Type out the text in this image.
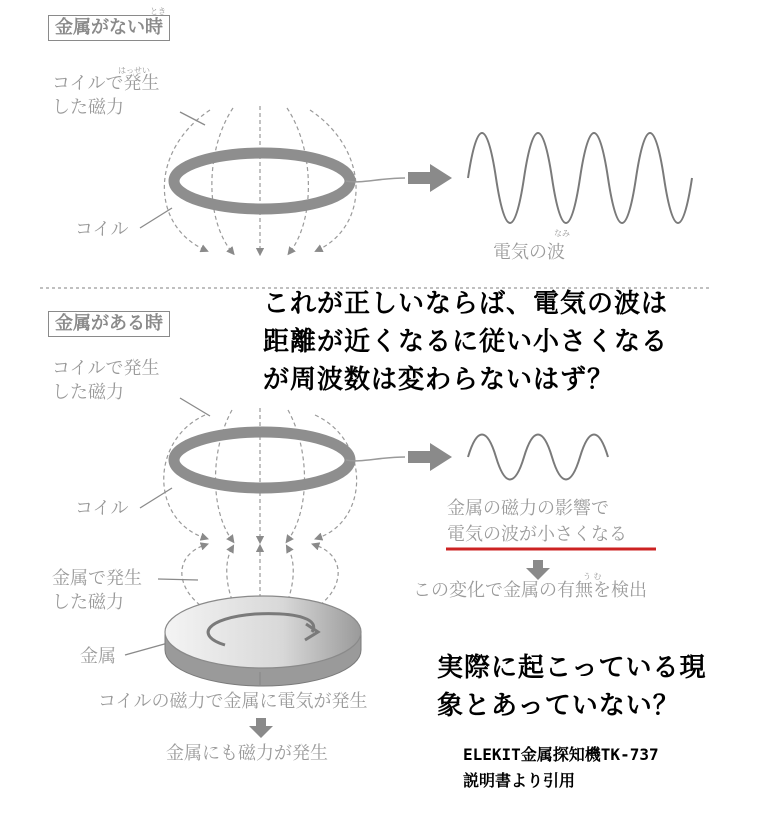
金属がない時
とき
はっせい
コイルで発生
した磁力
コイル	なみ
電気の波
金属がある時
コイルで発生
した磁力
コイル	金属の磁力の影響で
電気の波が小さくなる
う む
この変化で金属の有無を検出
金属で発生
した磁力
金属
コイルの磁力で金属に電気が発生
金属にも磁力が発生
これが正しいならば、電気の波は
距離が近くなるに従い小さくなる
が周波数は変わらないはず？
実際に起こっている現
象とあっていない？
ELEKIT金属探知機TK-737
説明書より引用
